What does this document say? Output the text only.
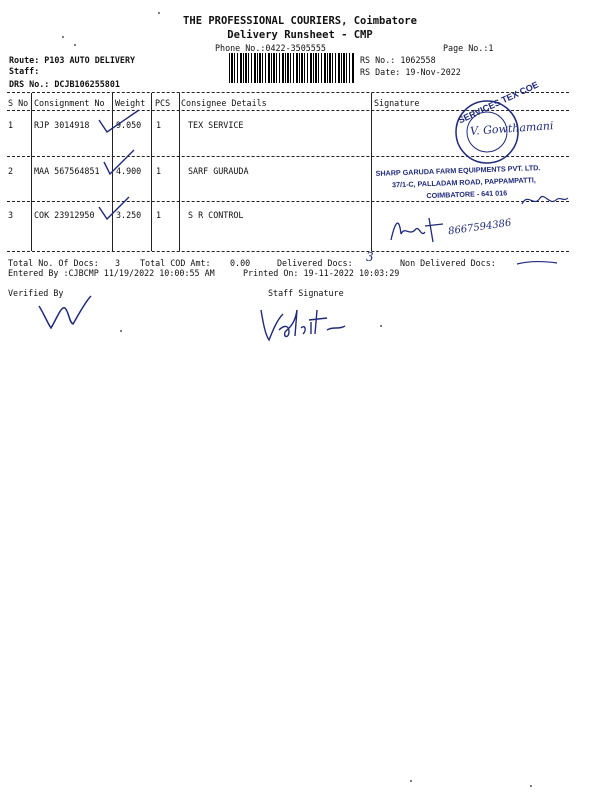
THE PROFESSIONAL COURIERS, Coimbatore
Delivery Runsheet - CMP
Phone No.:0422-3505555	Page No.:1
Route: P103 AUTO DELIVERY
Staff:
DRS No.: DCJB106255801
RS No.: 1062558
RS Date: 19-Nov-2022
S No Consignment No Weight PCS Consignee Details	Signature
1 RJP 3014918	9.050 1	TEX SERVICE
2 MAA 567564851 4.900 1	SARF GURAUDA
3 COK 23912950	3.250 1	S R CONTROL
SERVICES TEX COE
V. Gowthamani
SHARP GARUDA FARM EQUIPMENTS PVT. LTD.
37/1-C, PALLADAM ROAD, PAPPAMPATTI,
COIMBATORE - 641 016
8667594386
Total No. Of Docs: 3 Total COD Amt: 0.00	Delivered Docs: 3	Non Delivered Docs:
Entered By :CJBCMP 11/19/2022 10:00:55 AM	Printed On: 19-11-2022 10:03:29
Verified By	Staff Signature
